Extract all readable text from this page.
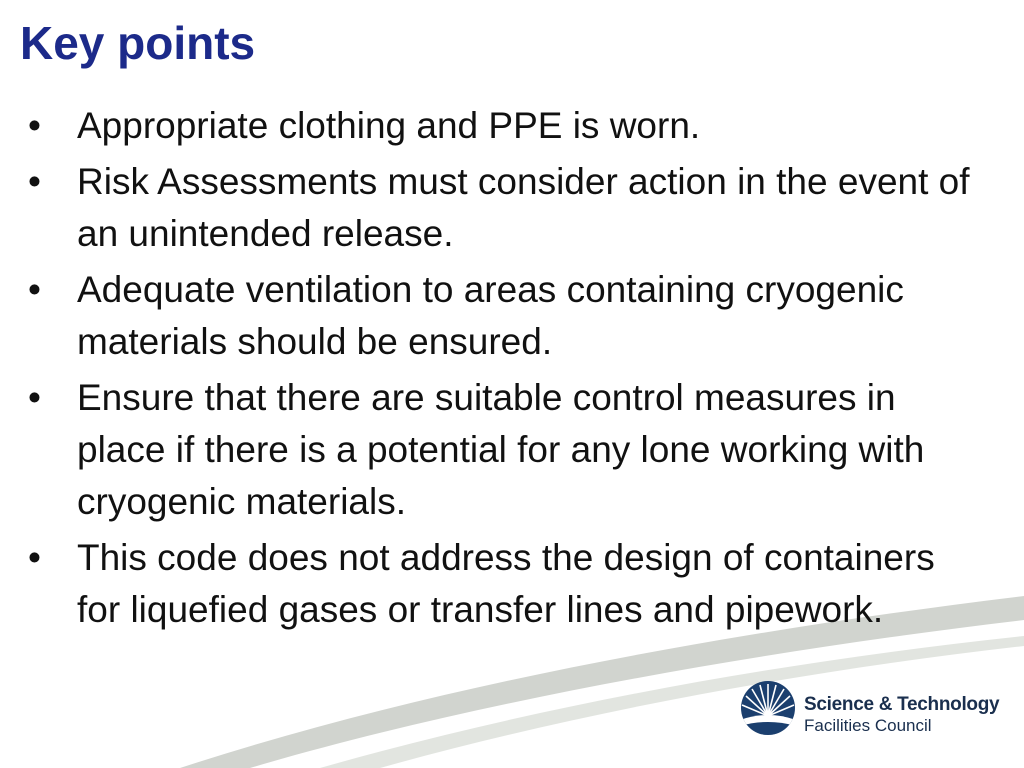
Key points
• Appropriate clothing and PPE is worn.
• Risk Assessments must consider action in the event of an unintended release.
• Adequate ventilation to areas containing cryogenic materials should be ensured.
• Ensure that there are suitable control measures in place if there is a potential for any lone working with cryogenic materials.
• This code does not address the design of containers for liquefied gases or transfer lines and pipework.
Science & Technology
Facilities Council
